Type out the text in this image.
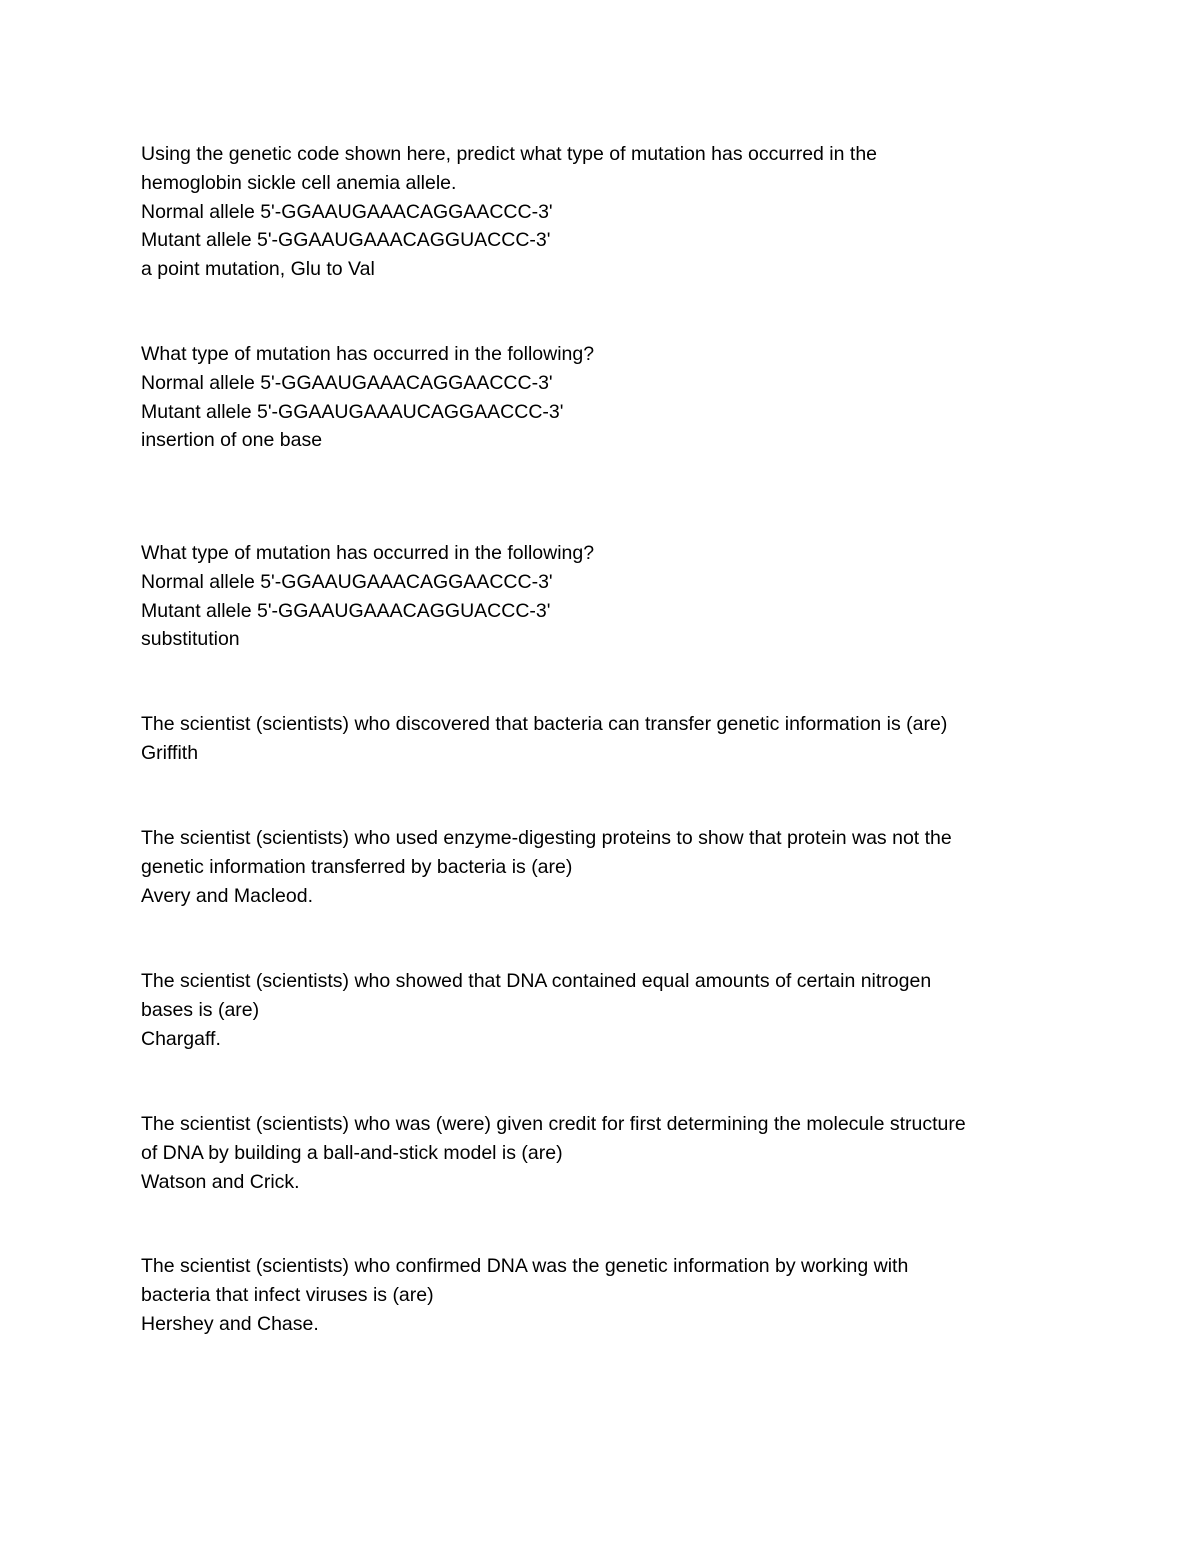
Using the genetic code shown here, predict what type of mutation has occurred in the
hemoglobin sickle cell anemia allele.
Normal allele 5'-GGAAUGAAACAGGAACCC-3'
Mutant allele 5'-GGAAUGAAACAGGUACCC-3'
a point mutation, Glu to Val
What type of mutation has occurred in the following?
Normal allele 5'-GGAAUGAAACAGGAACCC-3'
Mutant allele 5'-GGAAUGAAAUCAGGAACCC-3'
insertion of one base
What type of mutation has occurred in the following?
Normal allele 5'-GGAAUGAAACAGGAACCC-3'
Mutant allele 5'-GGAAUGAAACAGGUACCC-3'
substitution
The scientist (scientists) who discovered that bacteria can transfer genetic information is (are)
Griffith
The scientist (scientists) who used enzyme-digesting proteins to show that protein was not the
genetic information transferred by bacteria is (are)
Avery and Macleod.
The scientist (scientists) who showed that DNA contained equal amounts of certain nitrogen
bases is (are)
Chargaff.
The scientist (scientists) who was (were) given credit for first determining the molecule structure
of DNA by building a ball-and-stick model is (are)
Watson and Crick.
The scientist (scientists) who confirmed DNA was the genetic information by working with
bacteria that infect viruses is (are)
Hershey and Chase.
